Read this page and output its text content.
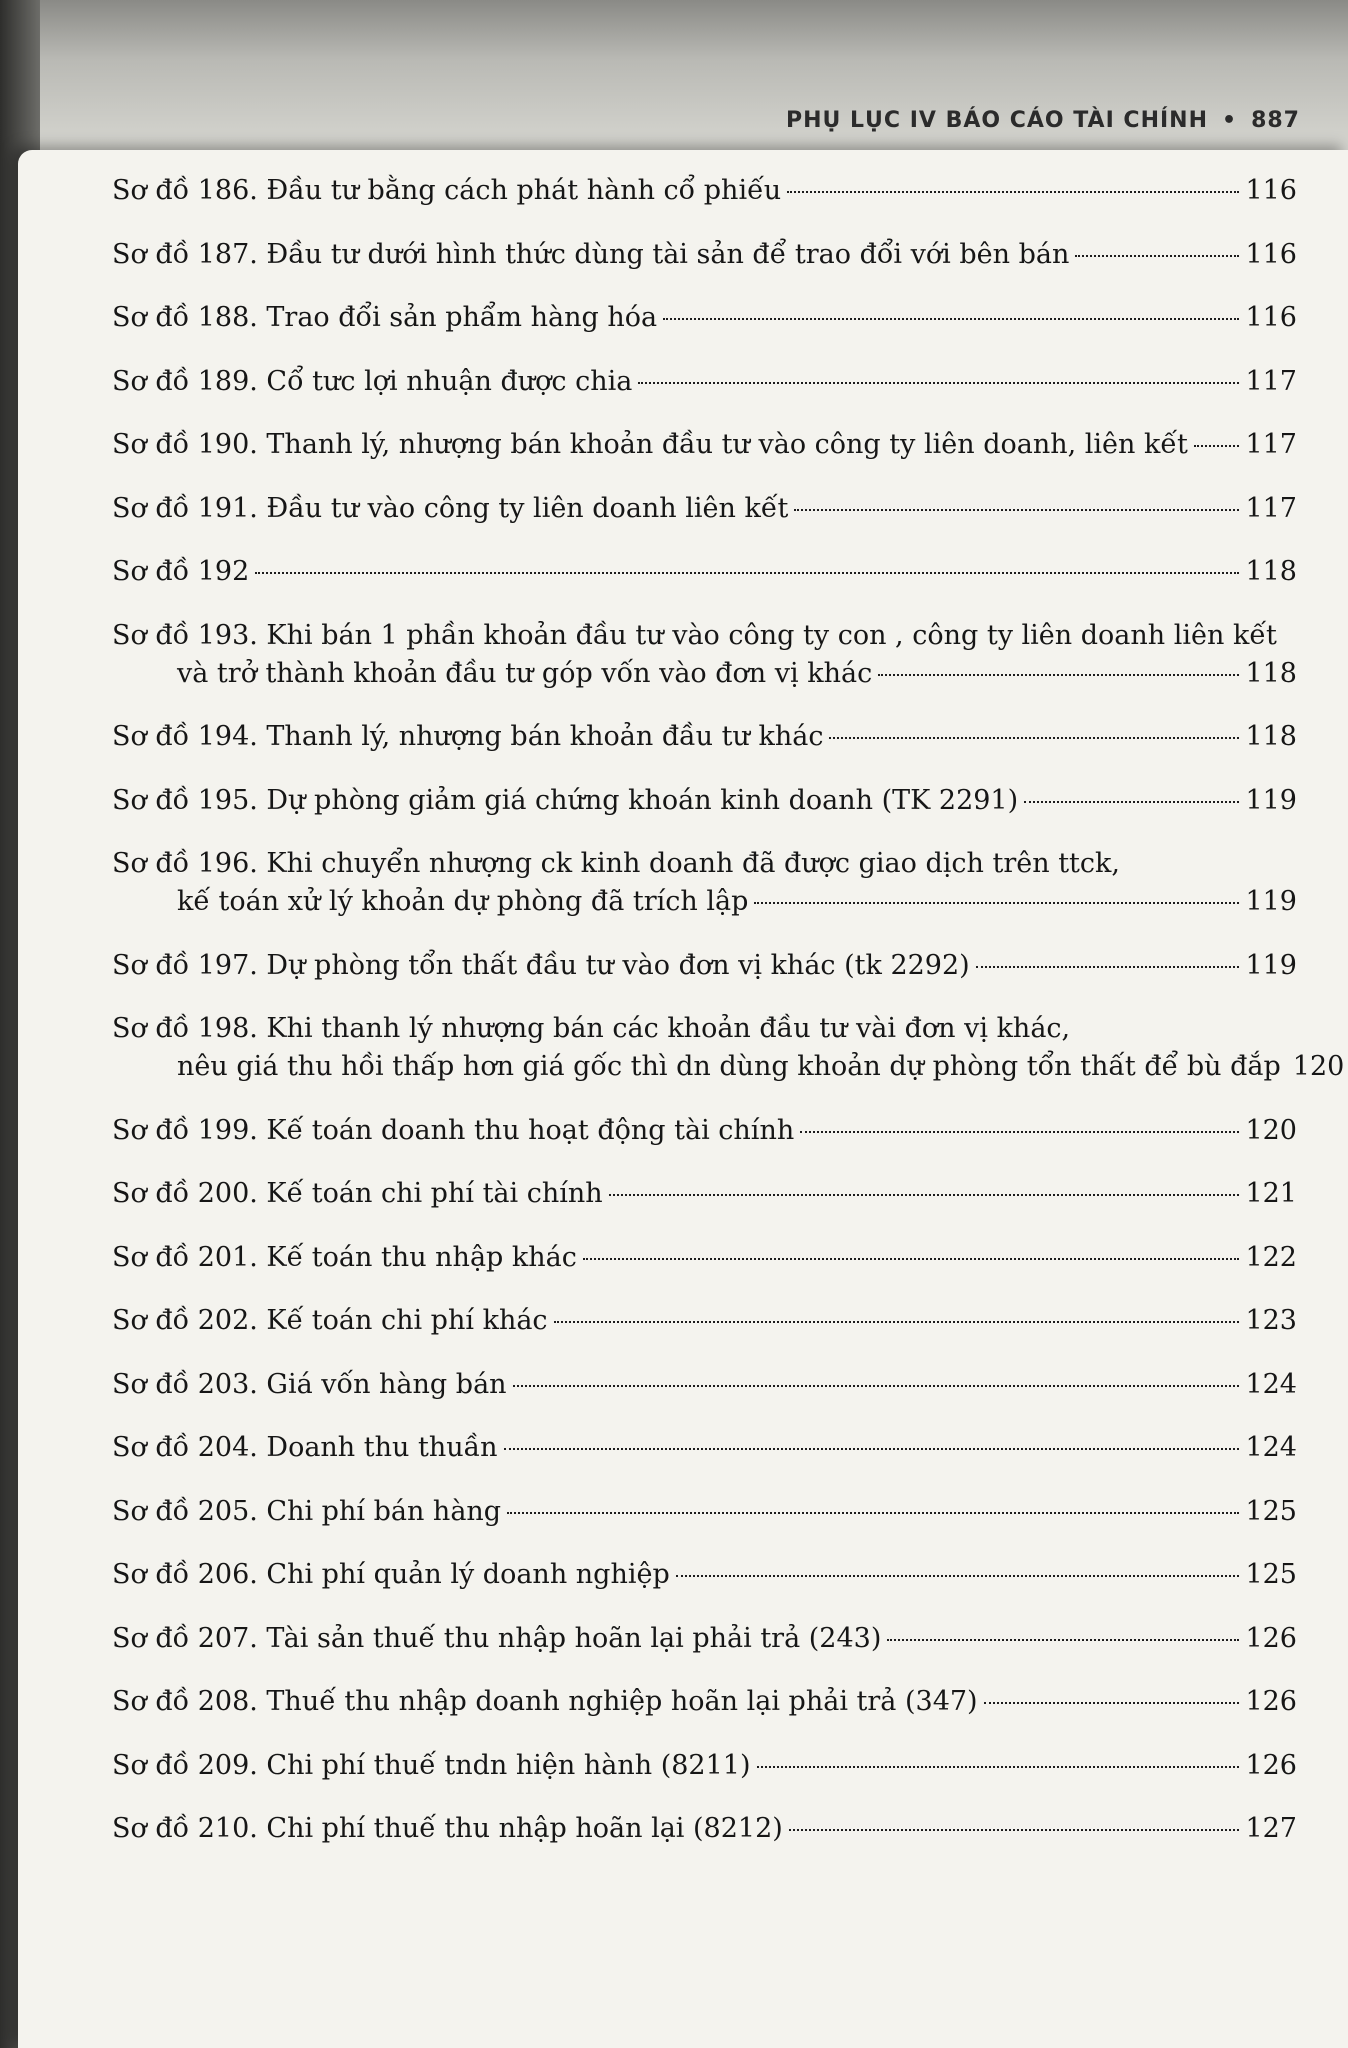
PHỤ LỤC IV BÁO CÁO TÀI CHÍNH • 887
Sơ đồ 186. Đầu tư bằng cách phát hành cổ phiếu	116
Sơ đồ 187. Đầu tư dưới hình thức dùng tài sản để trao đổi với bên bán	116
Sơ đồ 188. Trao đổi sản phẩm hàng hóa	116
Sơ đồ 189. Cổ tưc lợi nhuận được chia	117
Sơ đồ 190. Thanh lý, nhượng bán khoản đầu tư vào công ty liên doanh, liên kết 117
Sơ đồ 191. Đầu tư vào công ty liên doanh liên kết	117
Sơ đồ 192	118
Sơ đồ 193. Khi bán 1 phần khoản đầu tư vào công ty con , công ty liên doanh liên kết
và trở thành khoản đầu tư góp vốn vào đơn vị khác	118
Sơ đồ 194. Thanh lý, nhượng bán khoản đầu tư khác	118
Sơ đồ 195. Dự phòng giảm giá chứng khoán kinh doanh (TK 2291)	119
Sơ đồ 196. Khi chuyển nhượng ck kinh doanh đã được giao dịch trên ttck,
kế toán xử lý khoản dự phòng đã trích lập	119
Sơ đồ 197. Dự phòng tổn thất đầu tư vào đơn vị khác (tk 2292)	119
Sơ đồ 198. Khi thanh lý nhượng bán các khoản đầu tư vài đơn vị khác,
nêu giá thu hồi thấp hơn giá gốc thì dn dùng khoản dự phòng tổn thất để bù đắp 120
Sơ đồ 199. Kế toán doanh thu hoạt động tài chính	120
Sơ đồ 200. Kế toán chi phí tài chính	121
Sơ đồ 201. Kế toán thu nhập khác	122
Sơ đồ 202. Kế toán chi phí khác	123
Sơ đồ 203. Giá vốn hàng bán	124
Sơ đồ 204. Doanh thu thuần	124
Sơ đồ 205. Chi phí bán hàng	125
Sơ đồ 206. Chi phí quản lý doanh nghiệp	125
Sơ đồ 207. Tài sản thuế thu nhập hoãn lại phải trả (243)	126
Sơ đồ 208. Thuế thu nhập doanh nghiệp hoãn lại phải trả (347)	126
Sơ đồ 209. Chi phí thuế tndn hiện hành (8211)	126
Sơ đồ 210. Chi phí thuế thu nhập hoãn lại (8212)	127
